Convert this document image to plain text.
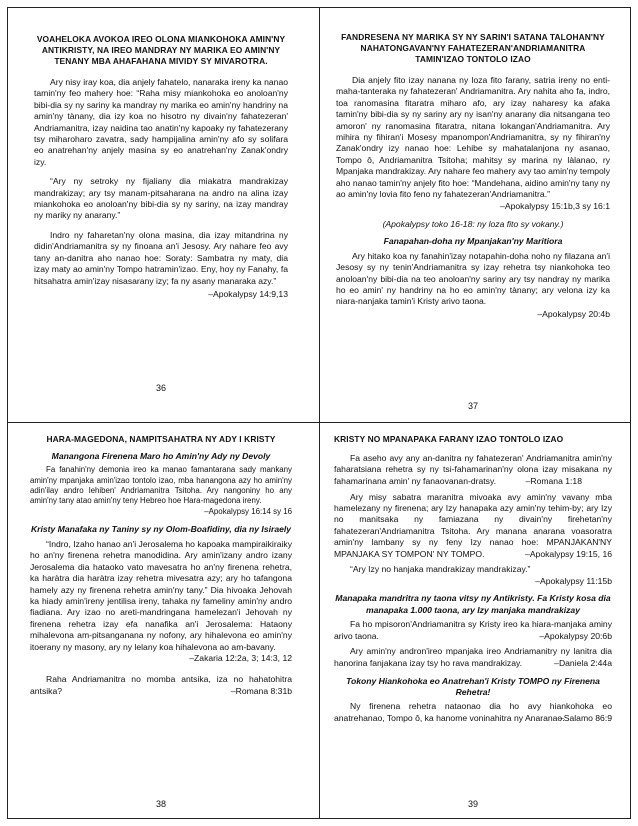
VOAHELOKA AVOKOA IREO OLONA MIANKOHOKA AMIN'NY ANTIKRISTY, NA IREO MANDRAY NY MARIKA EO AMIN'NY TENANY MBA AHAFAHANA MIVIDY SY MIVAROTRA.

Ary nisy iray koa, dia anjely fahatelo, nanaraka ireny ka nanao tamin'ny feo mahery hoe: “Raha misy miankohoka eo anoloan'ny bibi-dia sy ny sariny ka mandray ny marika eo amin'ny handriny na amin'ny tànany, dia izy koa no hisotro ny divain'ny fahatezeran' Andriamanitra, izay naidina tao anatin'ny kapoaky ny fahatezerany tsy miharoharo zavatra, sady hampijalina amin'ny afo sy solifara eo anatrehan'ny anjely masina sy eo anatrehan'ny Zanak'ondry izy.

“Ary ny setroky ny fijaliany dia miakatra mandrakizay mandrakizay; ary tsy manam-pitsaharana na andro na alina izay miankohoka eo anoloan'ny bibi-dia sy ny sariny, na izay mandray ny mariky ny anarany.”

Indro ny faharetan'ny olona masina, dia izay mitandrina ny didin'Andriamanitra sy ny finoana an'i Jesosy. Ary nahare feo avy tany an-danitra aho nanao hoe: Soraty: Sambatra ny maty, dia izay maty ao amin'ny Tompo hatramin'izao. Eny, hoy ny Fanahy, fa hitsahatra amin'izay nisasarany izy; fa ny asany manaraka azy.”

–Apokalypsy 14:9,13
36
FANDRESENA NY MARIKA SY NY SARIN'I SATANA TALOHAN'NY NAHATONGAVAN'NY FAHATEZERAN'ANDRIAMANITRA TAMIN'IZAO TONTOLO IZAO

Dia anjely fito izay nanana ny loza fito farany, satria ireny no enti-maha-tanteraka ny fahatezeran' Andriamanitra. Ary nahita aho fa, indro, toa ranomasina fitaratra miharo afo, ary izay naharesy ka afaka tamin'ny bibi-dia sy ny sariny ary ny isan'ny anarany dia nitsangana teo amoron' ny ranomasina fitaratra, nitana lokangan'Andriamanitra. Ary mihira ny fihiran'i Mosesy mpanompon'Andriamanitra, sy ny fihiran'ny Zanak'ondry izy nanao hoe: Lehibe sy mahatalanjona ny asanao, Tompo ô, Andriamanitra Tsitoha; mahitsy sy marina ny làlanao, ry Mpanjaka mandrakizay. Ary nahare feo mahery avy tao amin'ny tempoly aho nanao tamin'ny anjely fito hoe: “Mandehana, aidino amin'ny tany ny ao amin'ny lovia fito feno ny fahatezeran'Andriamanitra.”

–Apokalypsy 15:1b,3 sy 16:1
(Apokalypsy toko 16-18: ny loza fito sy vokany.)
Fanapahan-doha ny Mpanjakan'ny Maritiora

Ary hitako koa ny fanahin'izay notapahin-doha noho ny filazana an'i Jesosy sy ny tenin'Andriamanitra sy izay rehetra tsy niankohoka teo anoloan'ny bibi-dia na teo anoloan'ny sariny ary tsy nandray ny marika ho eo amin' ny handriny na ho eo amin'ny tànany; ary velona izy ka niara-nanjaka tamin'i Kristy arivo taona.

–Apokalypsy 20:4b
37
HARA-MAGEDONA, NAMPITSAHATRA NY ADY I KRISTY
Manangona Firenena Maro ho Amin'ny Ady ny Devoly

Fa fanahin'ny demonia ireo ka manao famantarana sady mankany amin'ny mpanjaka amin'izao tontolo izao, mba hanangona azy ho amin'ny adin'ilay andro lehiben' Andriamanitra Tsitoha. Ary nangoniny ho any amin'ny tany atao amin'ny teny Hebreo hoe Hara-magedona ireny.

–Apokalypsy 16:14 sy 16
Kristy Manafaka ny Taniny sy ny Olom-Boafidiny, dia ny Isiraely

“Indro, Izaho hanao an'i Jerosalema ho kapoaka mampiraikiraiky ho an'ny firenena rehetra manodidina. Ary amin'izany andro izany Jerosalema dia hataoko vato mavesatra ho an'ny firenena rehetra, ka haràtra dia haràtra izay rehetra mivesatra azy; ary ho tafangona hamely azy ny firenena rehetra amin'ny tany.” Dia hivoaka Jehovah ka hiady amin'ireny jentilisa ireny, tahaka ny fameliny amin'ny andro fiadiana. Ary izao no areti-mandringana hamelezan'i Jehovah ny firenena rehetra izay efa nanafika an'i Jerosalema: Hataony mihalevona am-pitsanganana ny nofony, ary hihalevona eo amin'ny itoerany ny masony, ary ny lelany koa hihalevona ao am-bavany.

–Zakaria 12:2a, 3; 14:3, 12
Raha Andriamanitra no momba antsika, iza no hahatohitra antsika?	–Romana 8:31b
38
KRISTY NO MPANAPAKA FARANY IZAO TONTOLO IZAO

Fa aseho avy any an-danitra ny fahatezeran' Andriamanitra amin'ny faharatsiana rehetra sy ny tsi-fahamarinan'ny olona izay misakana ny fahamarinana amin' ny fanaovanan-dratsy.	–Romana 1:18

Ary misy sabatra maranitra mivoaka avy amin'ny vavany mba hamelezany ny firenena; ary Izy hanapaka azy amin'ny tehim-by; ary Izy no manitsaka ny famiazana ny divain'ny firehetan'ny fahatezeran'Andriamanitra Tsitoha. Ary manana anarana voasoratra amin'ny lambany sy ny feny Izy nanao hoe: MPANJAKAN'NY MPANJAKA SY TOMPON' NY TOMPO.	–Apokalypsy 19:15, 16
“Ary Izy no hanjaka mandrakizay mandrakizay.”
–Apokalypsy 11:15b
Manapaka mandritra ny taona vitsy ny Antikristy. Fa Kristy kosa dia manapaka 1.000 taona, ary Izy manjaka mandrakizay

Fa ho mpisoron'Andriamanitra sy Kristy ireo ka hiara-manjaka aminy arivo taona.	–Apokalypsy 20:6b

Ary amin'ny andron'ireo mpanjaka ireo Andriamanitry ny lanitra dia hanorina fanjakana izay tsy ho rava mandrakizay.	–Daniela 2:44a
Tokony Hiankohoka eo Anatrehan'i Kristy TOMPO ny Firenena Rehetra!

Ny firenena rehetra nataonao dia ho avy hiankohoka eo anatrehanao, Tompo ô, ka hanome voninahitra ny Anaranao.

–Salamo 86:9
39
